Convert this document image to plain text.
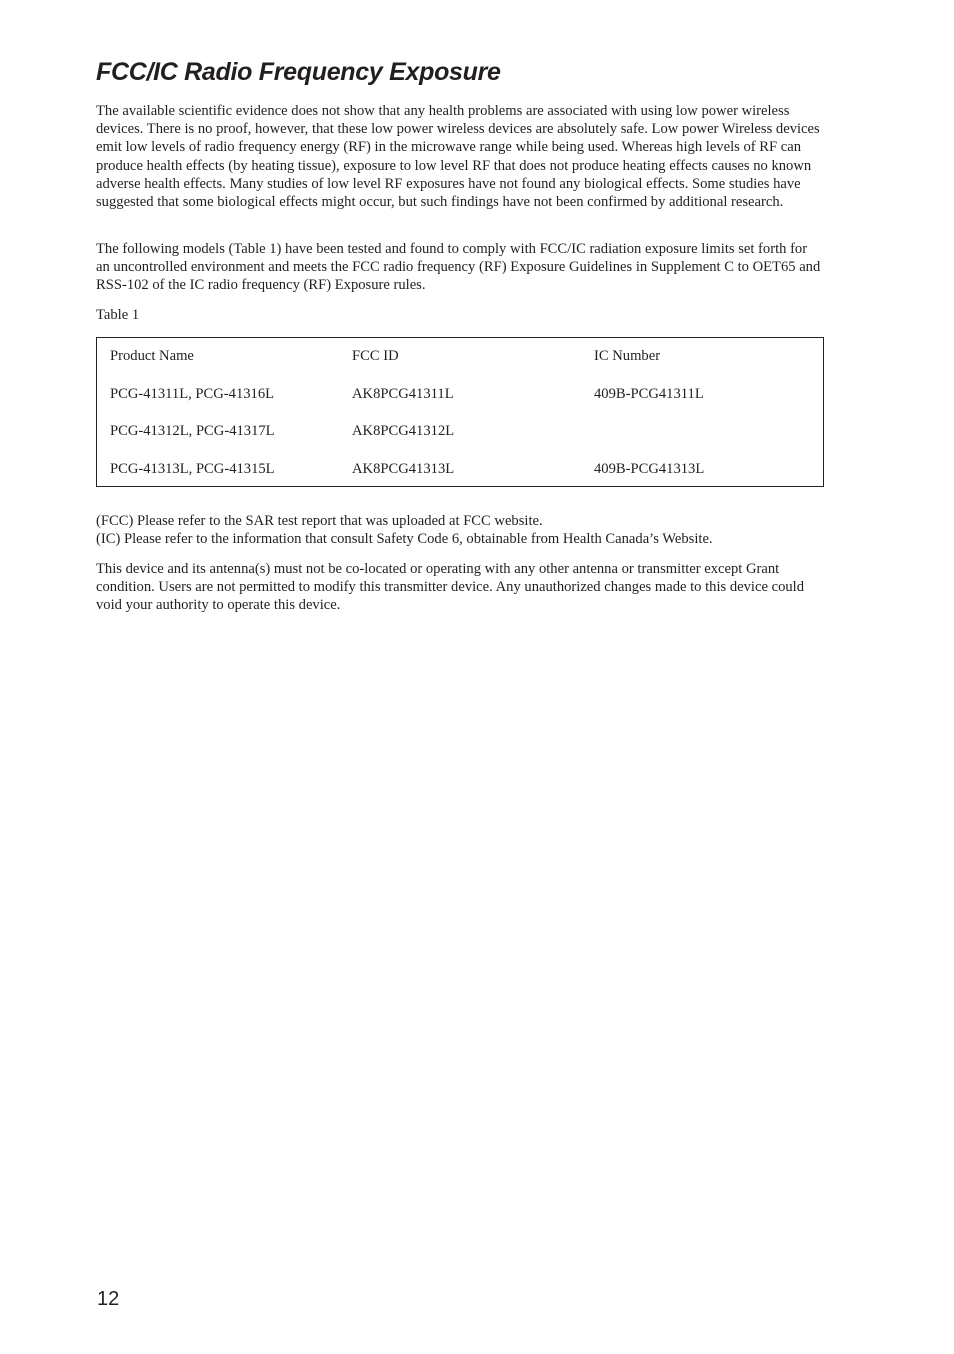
FCC/IC Radio Frequency Exposure

The available scientific evidence does not show that any health problems are associated with using low power wireless devices. There is no proof, however, that these low power wireless devices are absolutely safe. Low power Wireless devices emit low levels of radio frequency energy (RF) in the microwave range while being used. Whereas high levels of RF can produce health effects (by heating tissue), exposure to low level RF that does not produce heating effects causes no known adverse health effects. Many studies of low level RF exposures have not found any biological effects. Some studies have suggested that some biological effects might occur, but such findings have not been confirmed by additional research.

The following models (Table 1) have been tested and found to comply with FCC/IC radiation exposure limits set forth for an uncontrolled environment and meets the FCC radio frequency (RF) Exposure Guidelines in Supplement C to OET65 and RSS-102 of the IC radio frequency (RF) Exposure rules.

Table 1

Product Name	FCC ID	IC Number
PCG-41311L, PCG-41316L	AK8PCG41311L	409B-PCG41311L
PCG-41312L, PCG-41317L	AK8PCG41312L	
PCG-41313L, PCG-41315L	AK8PCG41313L	409B-PCG41313L
(FCC) Please refer to the SAR test report that was uploaded at FCC website.
(IC) Please refer to the information that consult Safety Code 6, obtainable from Health Canada’s Website.

This device and its antenna(s) must not be co-located or operating with any other antenna or transmitter except Grant condition. Users are not permitted to modify this transmitter device. Any unauthorized changes made to this device could void your authority to operate this device.

12
